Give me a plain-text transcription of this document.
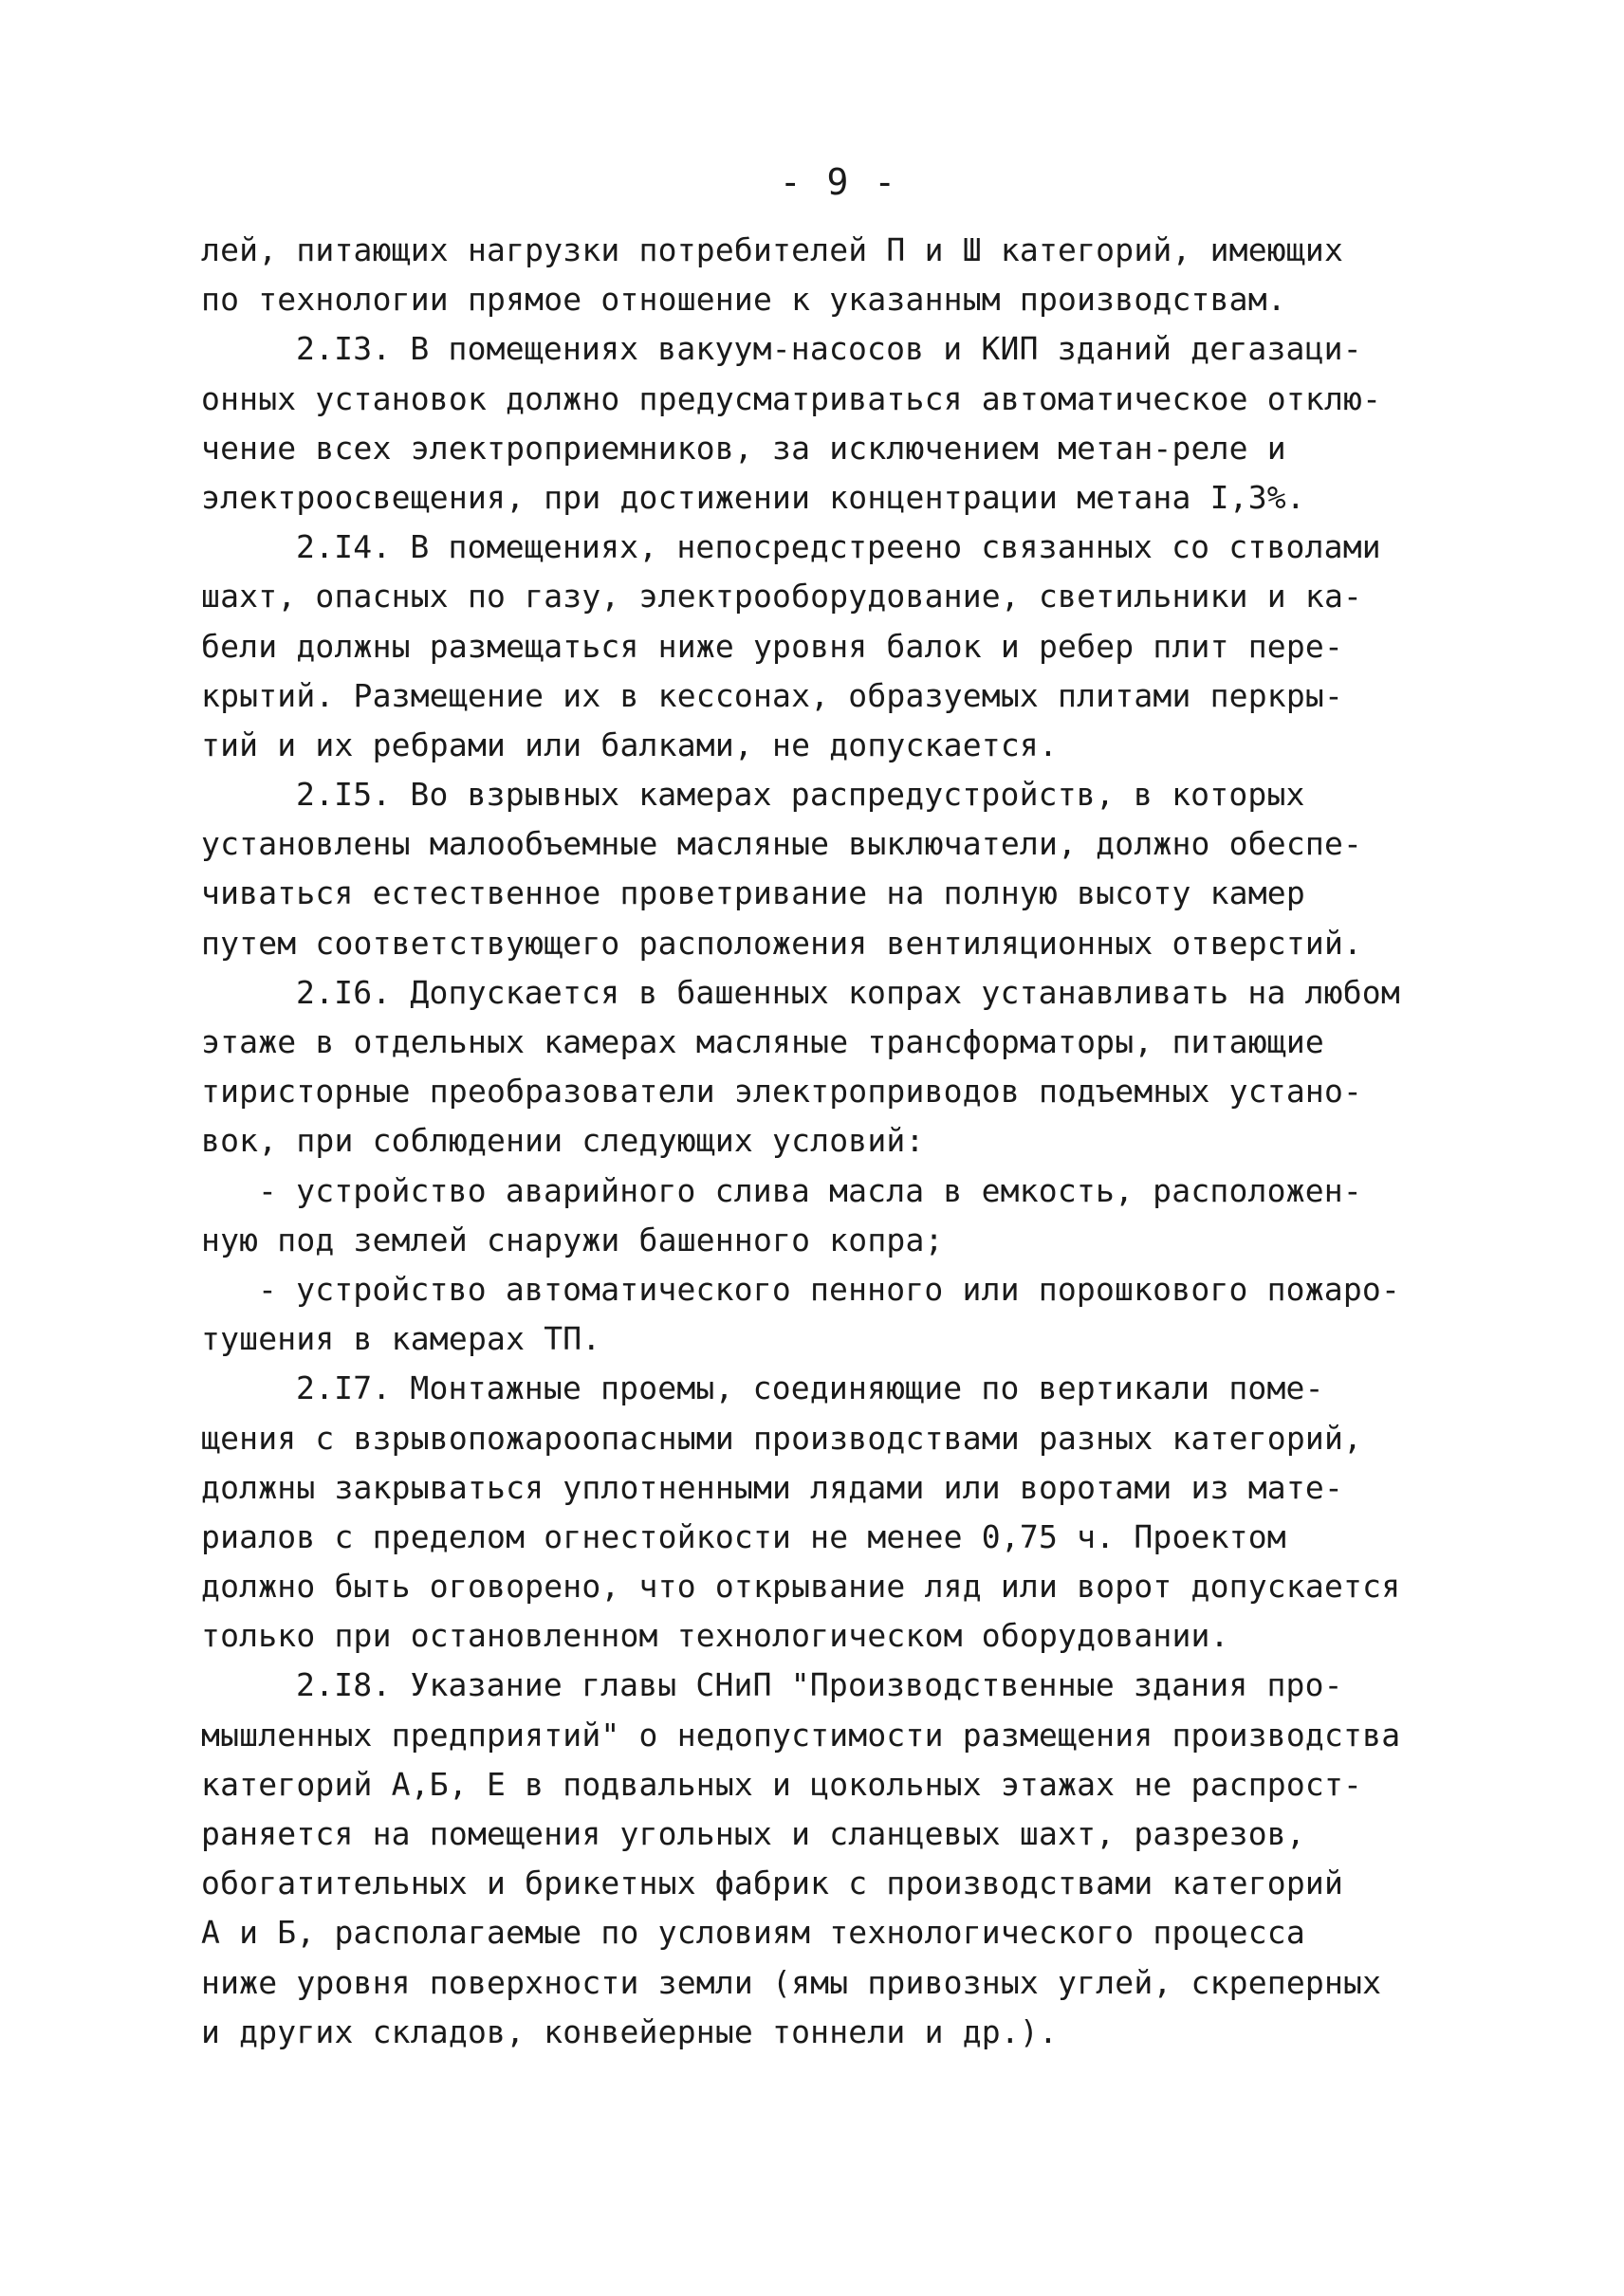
- 9 -
лей, питающих нагрузки потребителей П и Ш категорий, имеющих
по технологии прямое отношение к указанным производствам.
2.I3. В помещениях вакуум-насосов и КИП зданий дегазаци-
онных установок должно предусматриваться автоматическое отклю-
чение всех электроприемников, за исключением метан-реле и
электроосвещения, при достижении концентрации метана I,3%.
2.I4. В помещениях, непосредстреено связанных со стволами
шахт, опасных по газу, электрооборудование, светильники и ка-
бели должны размещаться ниже уровня балок и ребер плит пере-
крытий. Размещение их в кессонах, образуемых плитами перкры-
тий и их ребрами или балками, не допускается.
2.I5. Во взрывных камерах распредустройств, в которых
установлены малообъемные масляные выключатели, должно обеспе-
чиваться естественное проветривание на полную высоту камер
путем соответствующего расположения вентиляционных отверстий.
2.I6. Допускается в башенных копрах устанавливать на любом
этаже в отдельных камерах масляные трансформаторы, питающие
тиристорные преобразователи электроприводов подъемных устано-
вок, при соблюдении следующих условий:
- устройство аварийного слива масла в емкость, расположен-
ную под землей снаружи башенного копра;
- устройство автоматического пенного или порошкового пожаро-
тушения в камерах ТП.
2.I7. Монтажные проемы, соединяющие по вертикали поме-
щения с взрывопожароопасными производствами разных категорий,
должны закрываться уплотненными лядами или воротами из мате-
риалов с пределом огнестойкости не менее 0,75 ч. Проектом
должно быть оговорено, что открывание ляд или ворот допускается
только при остановленном технологическом оборудовании.
2.I8. Указание главы СНиП "Производственные здания про-
мышленных предприятий" о недопустимости размещения производства
категорий А,Б, Е в подвальных и цокольных этажах не распрост-
раняется на помещения угольных и сланцевых шахт, разрезов,
обогатительных и брикетных фабрик с производствами категорий
А и Б, располагаемые по условиям технологического процесса
ниже уровня поверхности земли (ямы привозных углей, скреперных
и других складов, конвейерные тоннели и др.).
